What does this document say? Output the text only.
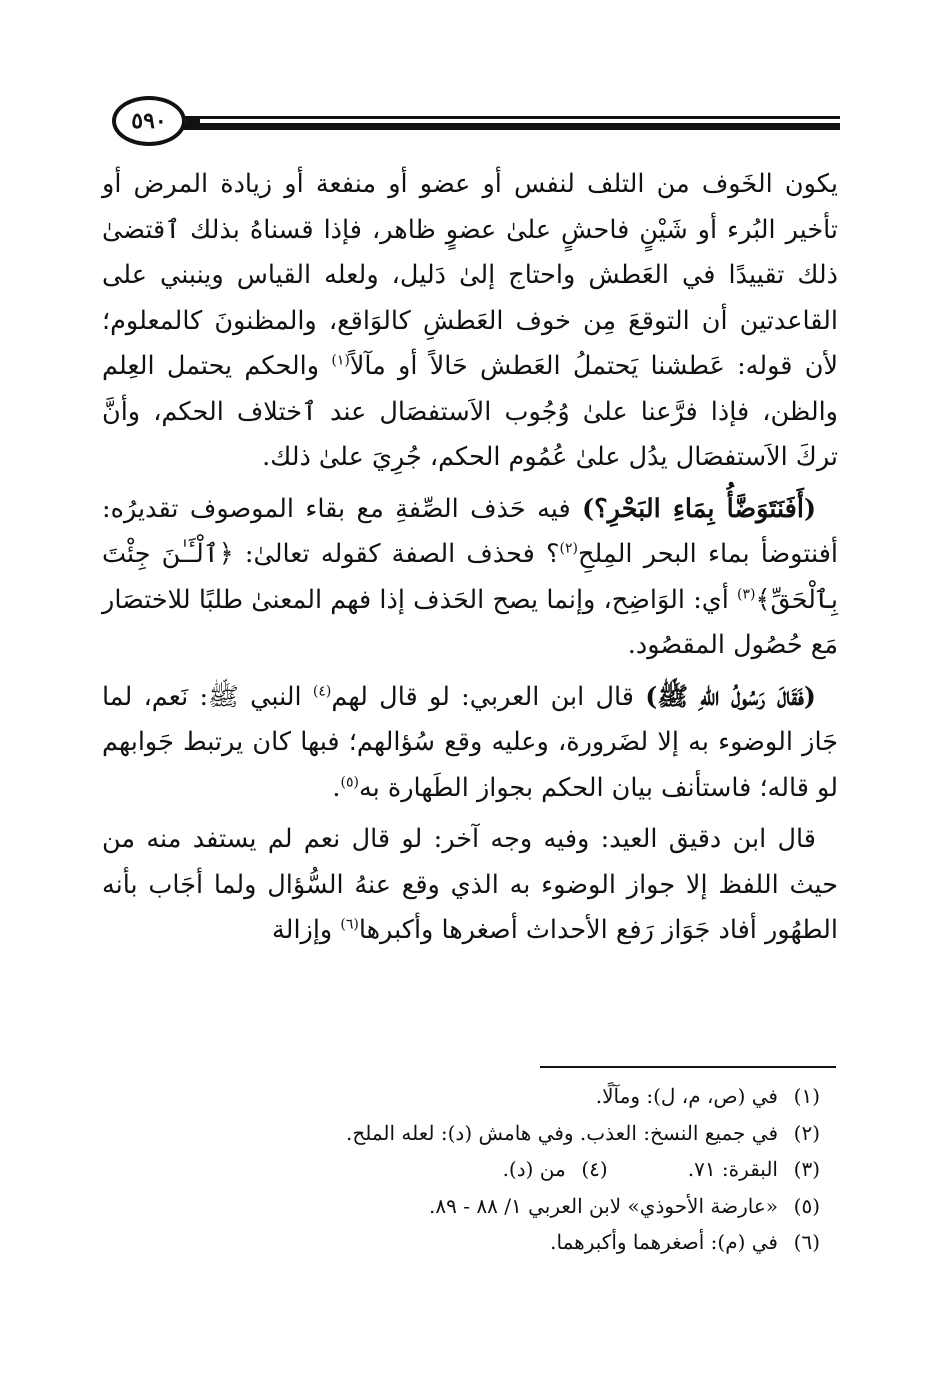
٥٩٠

يكون الخَوف من التلف لنفس أو عضو أو منفعة أو زيادة المرض أو تأخير البُرء أو شَيْنٍ فاحشٍ علىٰ عضوٍ ظاهر، فإذا قسناهُ بذلك ٱقتضىٰ ذلك تقييدًا في العَطش واحتاج إلىٰ دَليل، ولعله القياس وينبني على القاعدتين أن التوقعَ مِن خوف العَطشِ كالوَاقع، والمظنونَ كالمعلوم؛ لأن قوله: عَطشنا يَحتملُ العَطش حَالاً أو مآلاً$^{(١)}$ والحكم يحتمل العِلم والظن، فإذا فرَّعنا علىٰ وُجُوب الاَستفصَال عند ٱختلاف الحكم، وأنَّ تركَ الاَستفصَال يدُل علىٰ عُمُوم الحكم، جُرِيَ علىٰ ذلك.

(أَفَنَتَوَضَّأُ بِمَاءِ البَحْرِ؟) فيه حَذف الصِّفةِ مع بقاء الموصوف تقديرُه: أفنتوضأ بماء البحر المِلحِ$^{(٢)}$؟ فحذف الصفة كقوله تعالىٰ: ﴿ٱلْـَٔـٰنَ جِئْتَ بِٱلْحَقِّ﴾$^{(٣)}$ أي: الوَاضِح، وإنما يصح الحَذف إذا فهم المعنىٰ طلبًا للاختصَار مَع حُصُول المقصُود.

(فَقَالَ رَسُولُ اللهِ ﷺ) قال ابن العربي: لو قال لهم$^{(٤)}$ النبي ﷺ: نَعم، لما جَاز الوضوء به إلا لضَرورة، وعليه وقع سُؤالهم؛ فبها كان يرتبط جَوابهم لو قاله؛ فاستأنف بيان الحكم بجواز الطَهارة به$^{(٥)}$.

قال ابن دقيق العيد: وفيه وجه آخر: لو قال نعم لم يستفد منه من حيث اللفظ إلا جواز الوضوء به الذي وقع عنهُ السُّؤال ولما أجَاب بأنه الطهُور أفاد جَوَاز رَفع الأحداث أصغرها وأكبرها$^{(٦)}$ وإزالة

(١)
في (ص، م، ل): ومآلًا.
(٢)
في جميع النسخ: العذب. وفي هامش (د): لعله الملح.
(٣)
البقرة: ٧١.
(٤)
من (د).
(٥)
«عارضة الأحوذي» لابن العربي ١/ ٨٨ - ٨٩.
(٦)
في (م): أصغرهما وأكبرهما.
